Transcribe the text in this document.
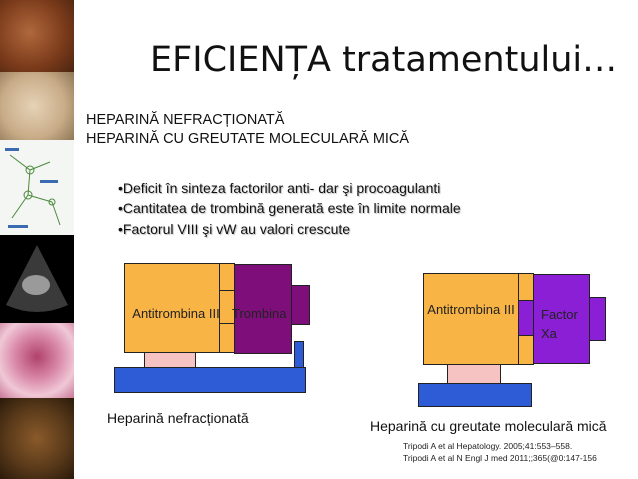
EFICIENȚA tratamentului…
HEPARINĂ NEFRACȚIONATĂ
HEPARINĂ CU GREUTATE MOLECULARĂ MICĂ
•Deficit în sinteza factorilor anti- dar şi procoagulanti
•Cantitatea de trombină generată este în limite normale
•Factorul VIII şi vW au valori crescute
Antitrombina III Trombina	Antitrombina III	Factor Xa
Heparină nefracționată	Heparină cu greutate moleculară mică
Tripodi A et al Hepatology. 2005;41:553–558.
Tripodi A et al N Engl J med 2011;;365(@0:147-156
